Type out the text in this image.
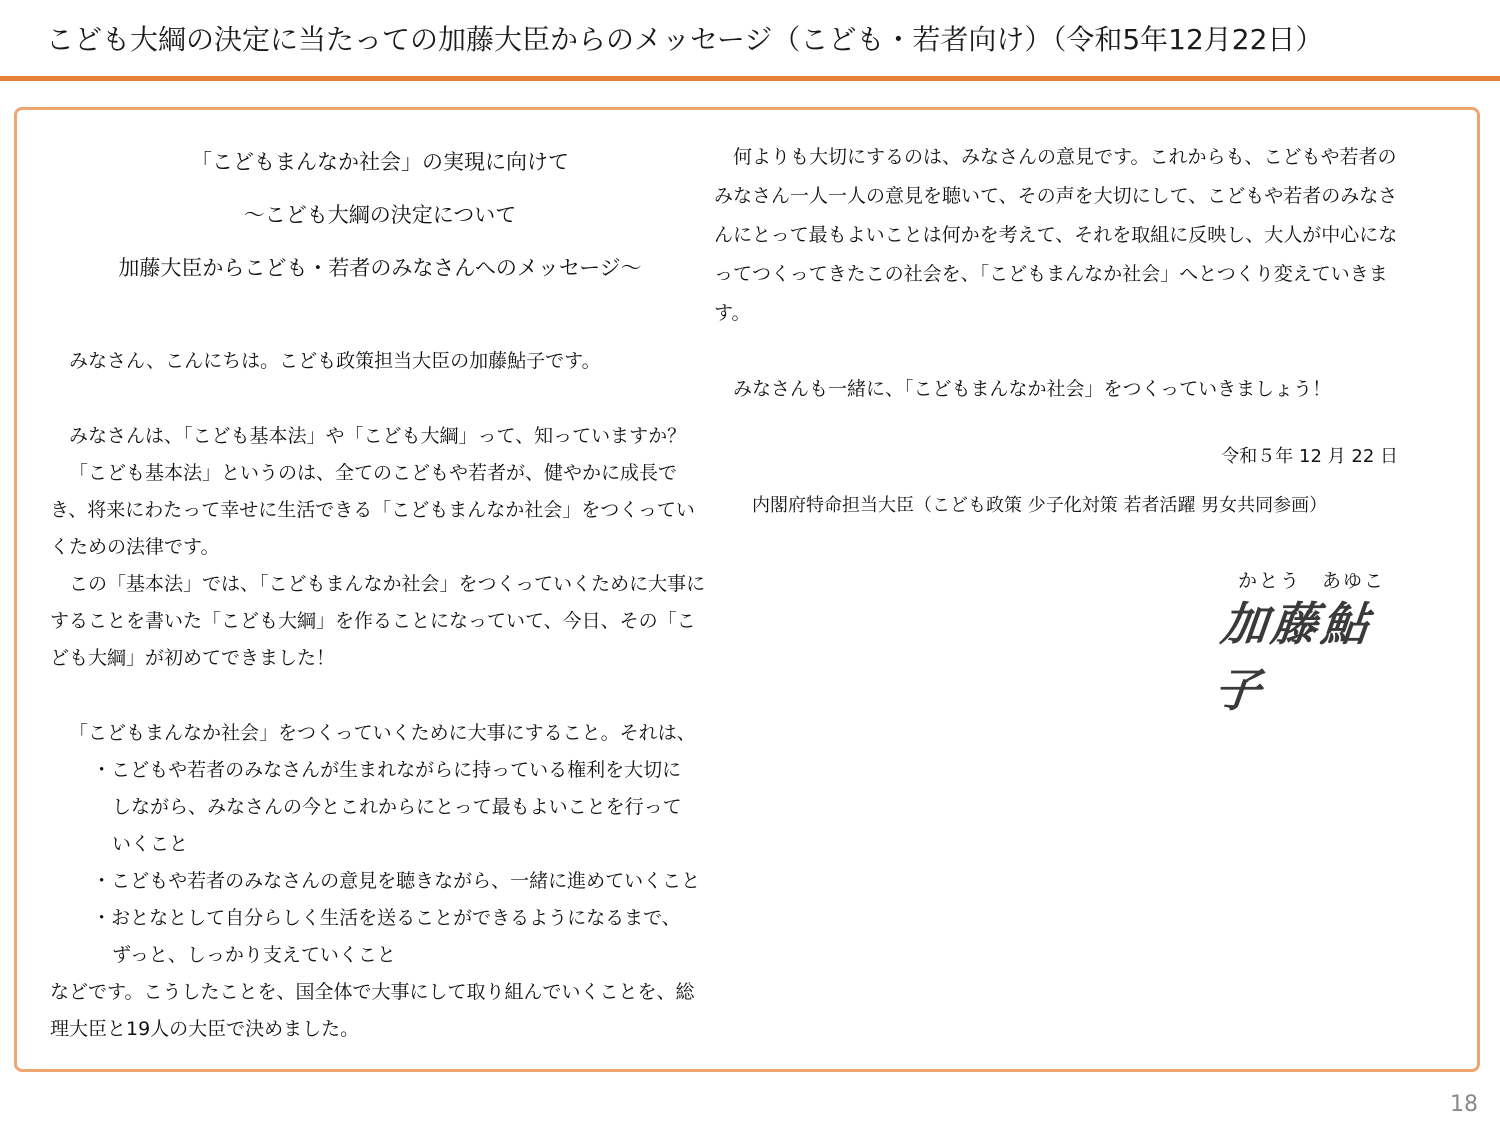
こども大綱の決定に当たっての加藤大臣からのメッセージ（こども・若者向け）（令和5年12月22日）
「こどもまんなか社会」の実現に向けて
～こども大綱の決定について
加藤大臣からこども・若者のみなさんへのメッセージ～

みなさん、こんにちは。こども政策担当大臣の加藤鮎子です。

みなさんは、「こども基本法」や「こども大綱」って、知っていますか？

「こども基本法」というのは、全てのこどもや若者が、健やかに成長でき、将来にわたって幸せに生活できる「こどもまんなか社会」をつくっていくための法律です。

この「基本法」では、「こどもまんなか社会」をつくっていくために大事にすることを書いた「こども大綱」を作ることになっていて、今日、その「こども大綱」が初めてできました！

「こどもまんなか社会」をつくっていくために大事にすること。それは、

・こどもや若者のみなさんが生まれながらに持っている権利を大切に

しながら、みなさんの今とこれからにとって最もよいことを行って

いくこと

・こどもや若者のみなさんの意見を聴きながら、一緒に進めていくこと

・おとなとして自分らしく生活を送ることができるようになるまで、

ずっと、しっかり支えていくこと

などです。こうしたことを、国全体で大事にして取り組んでいくことを、総理大臣と19人の大臣で決めました。

何よりも大切にするのは、みなさんの意見です。これからも、こどもや若者のみなさん一人一人の意見を聴いて、その声を大切にして、こどもや若者のみなさんにとって最もよいことは何かを考えて、それを取組に反映し、大人が中心になってつくってきたこの社会を、「こどもまんなか社会」へとつくり変えていきます。

みなさんも一緒に、「こどもまんなか社会」をつくっていきましょう！

令和５年 12 月 22 日

内閣府特命担当大臣（こども政策 少子化対策 若者活躍 男女共同参画）

かとう　あゆこ
加藤鮎子
18
